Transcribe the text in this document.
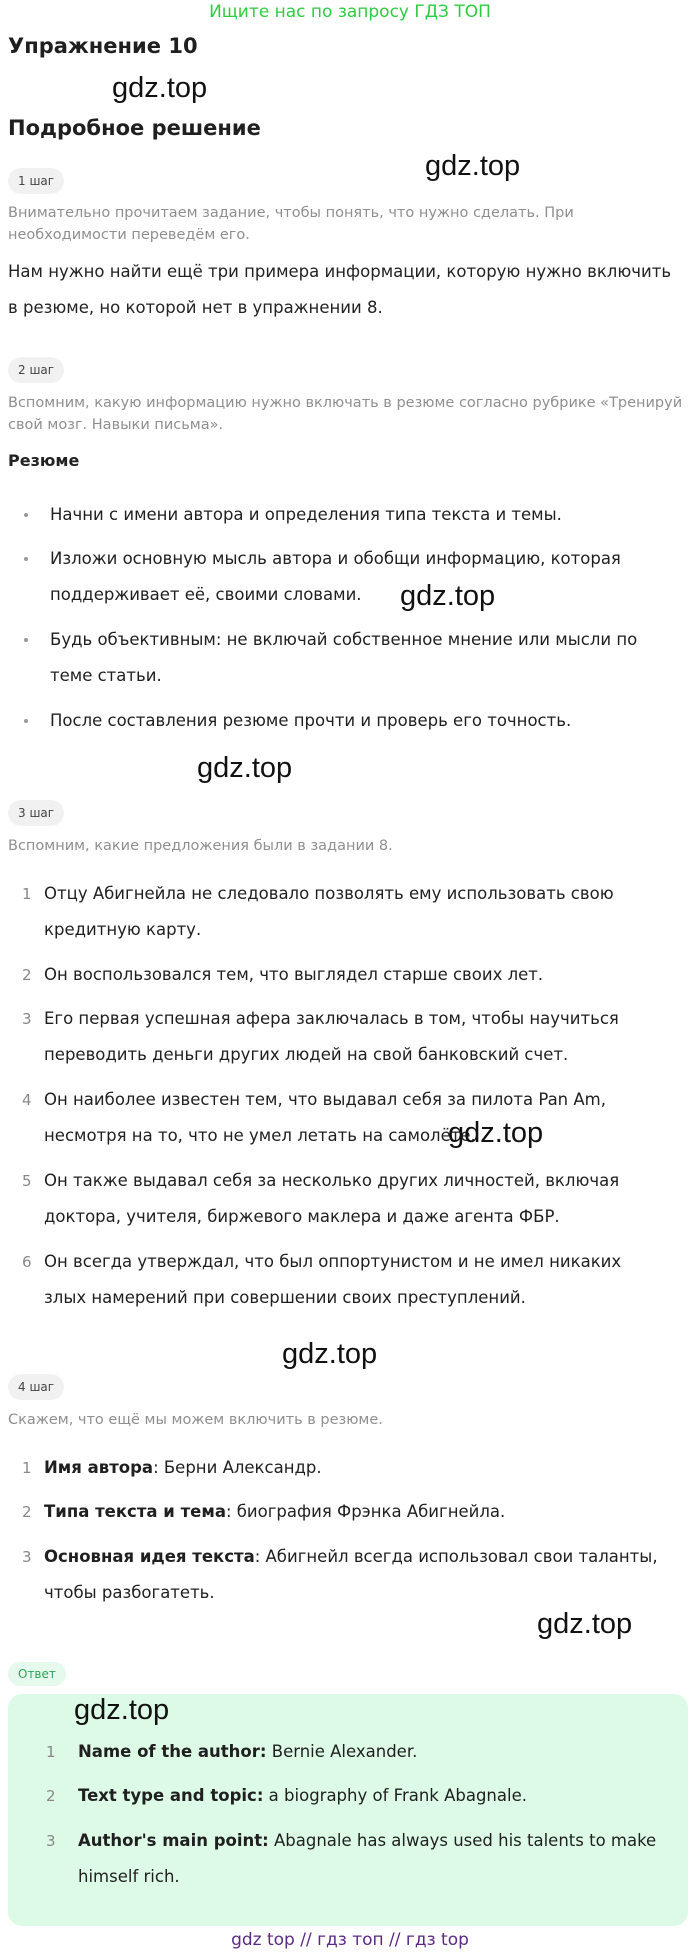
Ищите нас по запросу ГДЗ ТОП
Упражнение 10
gdz.top
Подробное решение
1 шаг	gdz.top
Внимательно прочитаем задание, чтобы понять, что нужно сделать. При необходимости переведём его.
Нам нужно найти ещё три примера информации, которую нужно включить в резюме, но которой нет в упражнении 8.
2 шаг
Вспомним, какую информацию нужно включать в резюме согласно рубрике «Тренируй свой мозг. Навыки письма».
Резюме
Начни с имени автора и определения типа текста и темы.
Изложи основную мысль автора и обобщи информацию, которая поддерживает её, своими словами.
Будь объективным: не включай собственное мнение или мысли по теме статьи.
После составления резюме прочти и проверь его точность.
gdz.top
gdz.top
3 шаг
Вспомним, какие предложения были в задании 8.
1 Отцу Абигнейла не следовало позволять ему использовать свою кредитную карту.
2 Он воспользовался тем, что выглядел старше своих лет.
3 Его первая успешная афера заключалась в том, чтобы научиться переводить деньги других людей на свой банковский счет.
4 Он наиболее известен тем, что выдавал себя за пилота Pan Am, несмотря на то, что не умел летать на самолёте.
5 Он также выдавал себя за несколько других личностей, включая доктора, учителя, биржевого маклера и даже агента ФБР.
6 Он всегда утверждал, что был оппортунистом и не имел никаких злых намерений при совершении своих преступлений.
gdz.top
gdz.top
4 шаг
Скажем, что ещё мы можем включить в резюме.
1 Имя автора: Берни Александр.
2 Типа текста и тема: биография Фрэнка Абигнейла.
3 Основная идея текста: Абигнейл всегда использовал свои таланты, чтобы разбогатеть.
gdz.top
Ответ
gdz.top
1 Name of the author: Bernie Alexander.
2 Text type and topic: a biography of Frank Abagnale.
3 Author's main point: Abagnale has always used his talents to make himself rich.
gdz top // гдз топ // гдз top
